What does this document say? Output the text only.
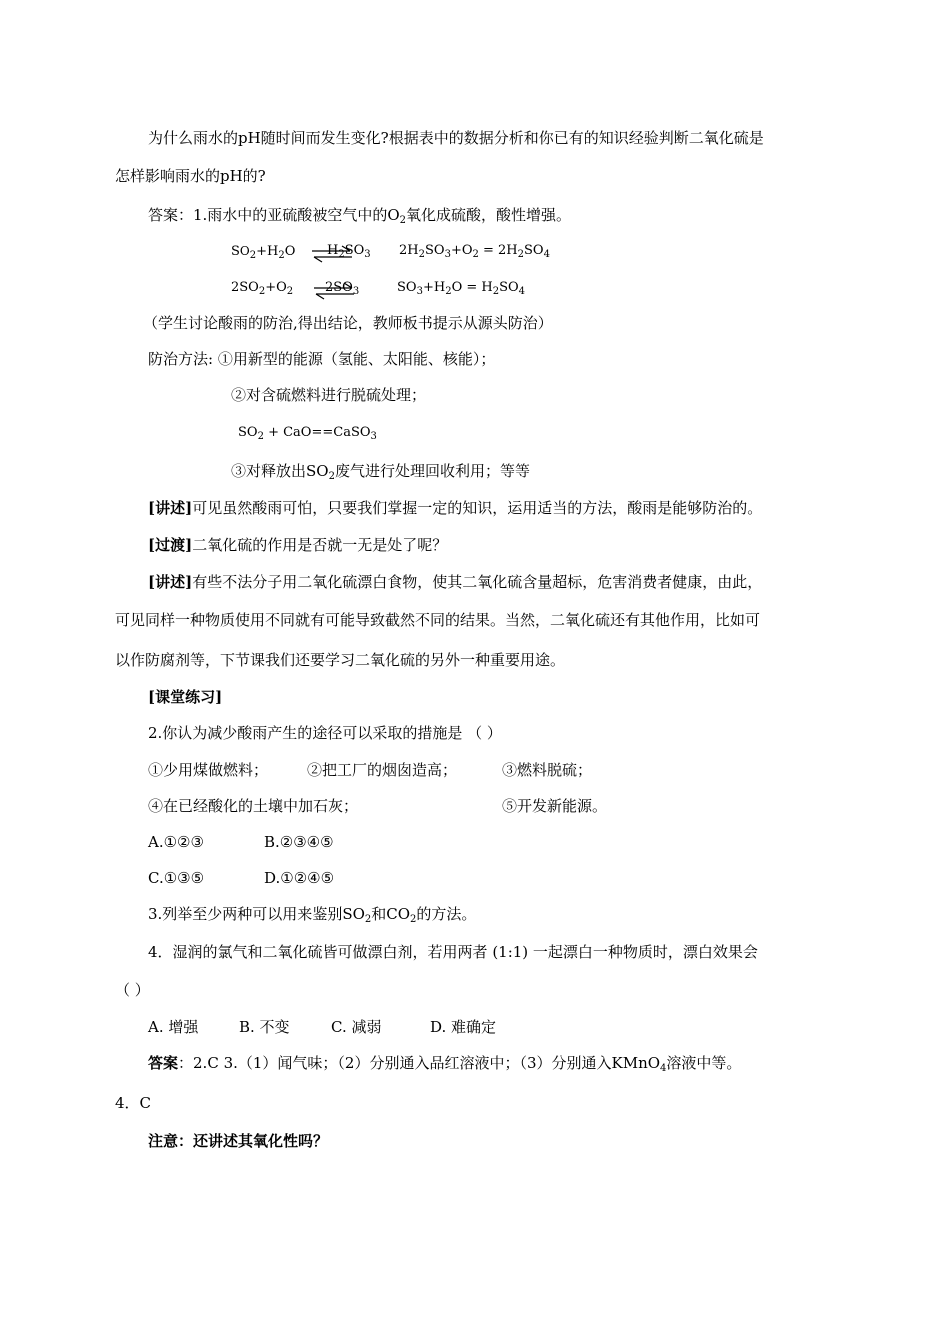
为什么雨水的pH随时间而发生变化?根据表中的数据分析和你已有的知识经验判断二氧化硫是
怎样影响雨水的pH的?
答案：1.雨水中的亚硫酸被空气中的$O_2$氧化成硫酸，酸性增强。
$SO_2+H_2O$ ⇌
$H_2SO_3$ $2H_2SO_3+O_2 = 2H_2SO_4$
$2SO_2+O_2$ ⇌
$2SO_3$	$SO_3+H_2O = H_2SO_4$
（学生讨论酸雨的防治,得出结论，教师板书提示从源头防治）
防治方法: ①用新型的能源（氢能、太阳能、核能）；
②对含硫燃料进行脱硫处理；
$SO_2$ + CaO==CaSO$_3$
③对释放出$SO_2$废气进行处理回收利用；等等
[讲述]可见虽然酸雨可怕，只要我们掌握一定的知识，运用适当的方法，酸雨是能够防治的。
[过渡]二氧化硫的作用是否就一无是处了呢？
[讲述]有些不法分子用二氧化硫漂白食物，使其二氧化硫含量超标，危害消费者健康，由此，
可见同样一种物质使用不同就有可能导致截然不同的结果。当然，二氧化硫还有其他作用，比如可
以作防腐剂等，下节课我们还要学习二氧化硫的另外一种重要用途。
[课堂练习]
2.你认为减少酸雨产生的途径可以采取的措施是 （ ）
①少用煤做燃料；	②把工厂的烟囱造高；	③燃料脱硫；
④在已经酸化的土壤中加石灰；	⑤开发新能源。
A.①②③	B.②③④⑤
C.①③⑤	D.①②④⑤
3.列举至少两种可以用来鉴别$SO_2$和$CO_2$的方法。
4．湿润的氯气和二氧化硫皆可做漂白剂，若用两者 (1:1) 一起漂白一种物质时，漂白效果会
（ ）
A. 增强	B. 不变	C. 减弱	D. 难确定
答案：2.C 3.（1）闻气味；（2）分别通入品红溶液中；（3）分别通入KMnO$_4$溶液中等。
4．C
注意：还讲述其氧化性吗？
